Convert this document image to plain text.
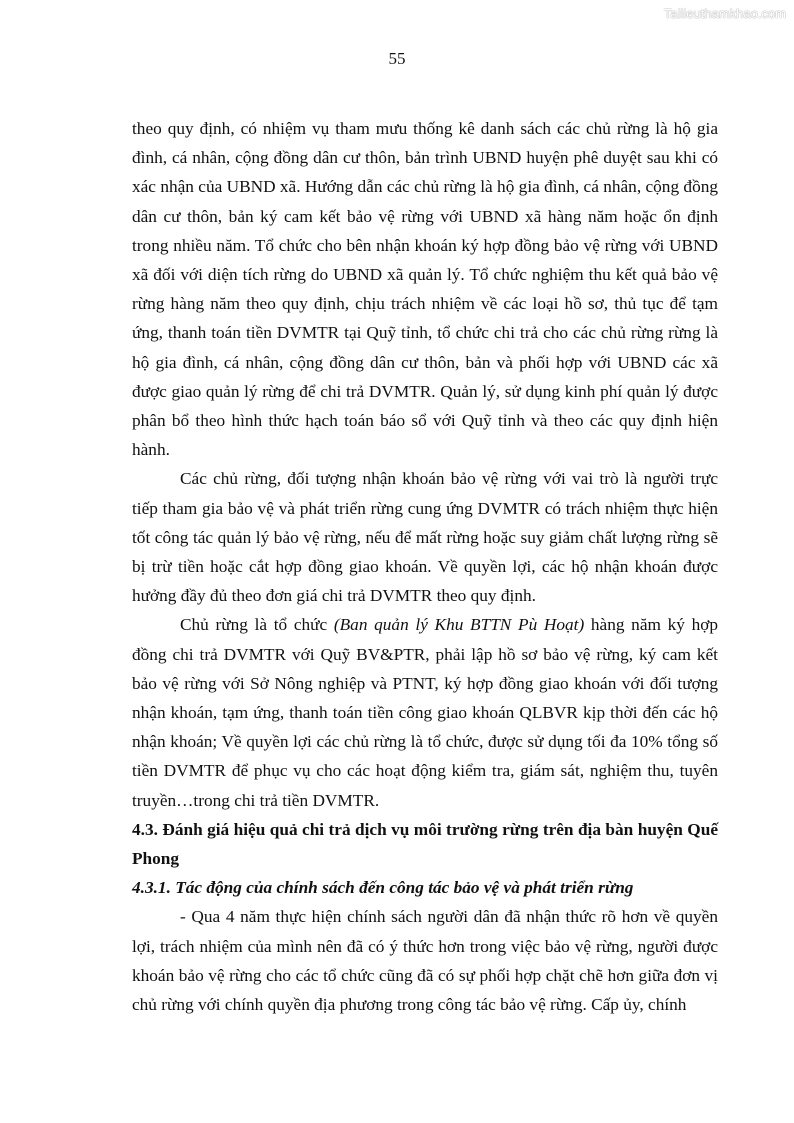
Tailieuthamkhao.com
55

theo quy định, có nhiệm vụ tham mưu thống kê danh sách các chủ rừng là hộ gia đình, cá nhân, cộng đồng dân cư thôn, bản trình UBND huyện phê duyệt sau khi có xác nhận của UBND xã. Hướng dẫn các chủ rừng là hộ gia đình, cá nhân, cộng đồng dân cư thôn, bản ký cam kết bảo vệ rừng với UBND xã hàng năm hoặc ổn định trong nhiều năm. Tổ chức cho bên nhận khoán ký hợp đồng bảo vệ rừng với UBND xã đối với diện tích rừng do UBND xã quản lý. Tổ chức nghiệm thu kết quả bảo vệ rừng hàng năm theo quy định, chịu trách nhiệm về các loại hồ sơ, thủ tục để tạm ứng, thanh toán tiền DVMTR tại Quỹ tỉnh, tổ chức chi trả cho các chủ rừng rừng là hộ gia đình, cá nhân, cộng đồng dân cư thôn, bản và phối hợp với UBND các xã được giao quản lý rừng để chi trả DVMTR. Quản lý, sử dụng kinh phí quản lý được phân bổ theo hình thức hạch toán báo sổ với Quỹ tỉnh và theo các quy định hiện hành.

Các chủ rừng, đối tượng nhận khoán bảo vệ rừng với vai trò là người trực tiếp tham gia bảo vệ và phát triển rừng cung ứng DVMTR có trách nhiệm thực hiện tốt công tác quản lý bảo vệ rừng, nếu để mất rừng hoặc suy giảm chất lượng rừng sẽ bị trừ tiền hoặc cắt hợp đồng giao khoán. Về quyền lợi, các hộ nhận khoán được hưởng đầy đủ theo đơn giá chi trả DVMTR theo quy định.

Chủ rừng là tổ chức (Ban quản lý Khu BTTN Pù Hoạt) hàng năm ký hợp đồng chi trả DVMTR với Quỹ BV&PTR, phải lập hồ sơ bảo vệ rừng, ký cam kết bảo vệ rừng với Sở Nông nghiệp và PTNT, ký hợp đồng giao khoán với đối tượng nhận khoán, tạm ứng, thanh toán tiền công giao khoán QLBVR kịp thời đến các hộ nhận khoán; Về quyền lợi các chủ rừng là tổ chức, được sử dụng tối đa 10% tổng số tiền DVMTR để phục vụ cho các hoạt động kiểm tra, giám sát, nghiệm thu, tuyên truyền…trong chi trả tiền DVMTR.

4.3. Đánh giá hiệu quả chi trả dịch vụ môi trường rừng trên địa bàn huyện Quế Phong

4.3.1. Tác động của chính sách đến công tác bảo vệ và phát triển rừng

- Qua 4 năm thực hiện chính sách người dân đã nhận thức rõ hơn về quyền lợi, trách nhiệm của mình nên đã có ý thức hơn trong việc bảo vệ rừng, người được khoán bảo vệ rừng cho các tổ chức cũng đã có sự phối hợp chặt chẽ hơn giữa đơn vị chủ rừng với chính quyền địa phương trong công tác bảo vệ rừng. Cấp ủy, chính
